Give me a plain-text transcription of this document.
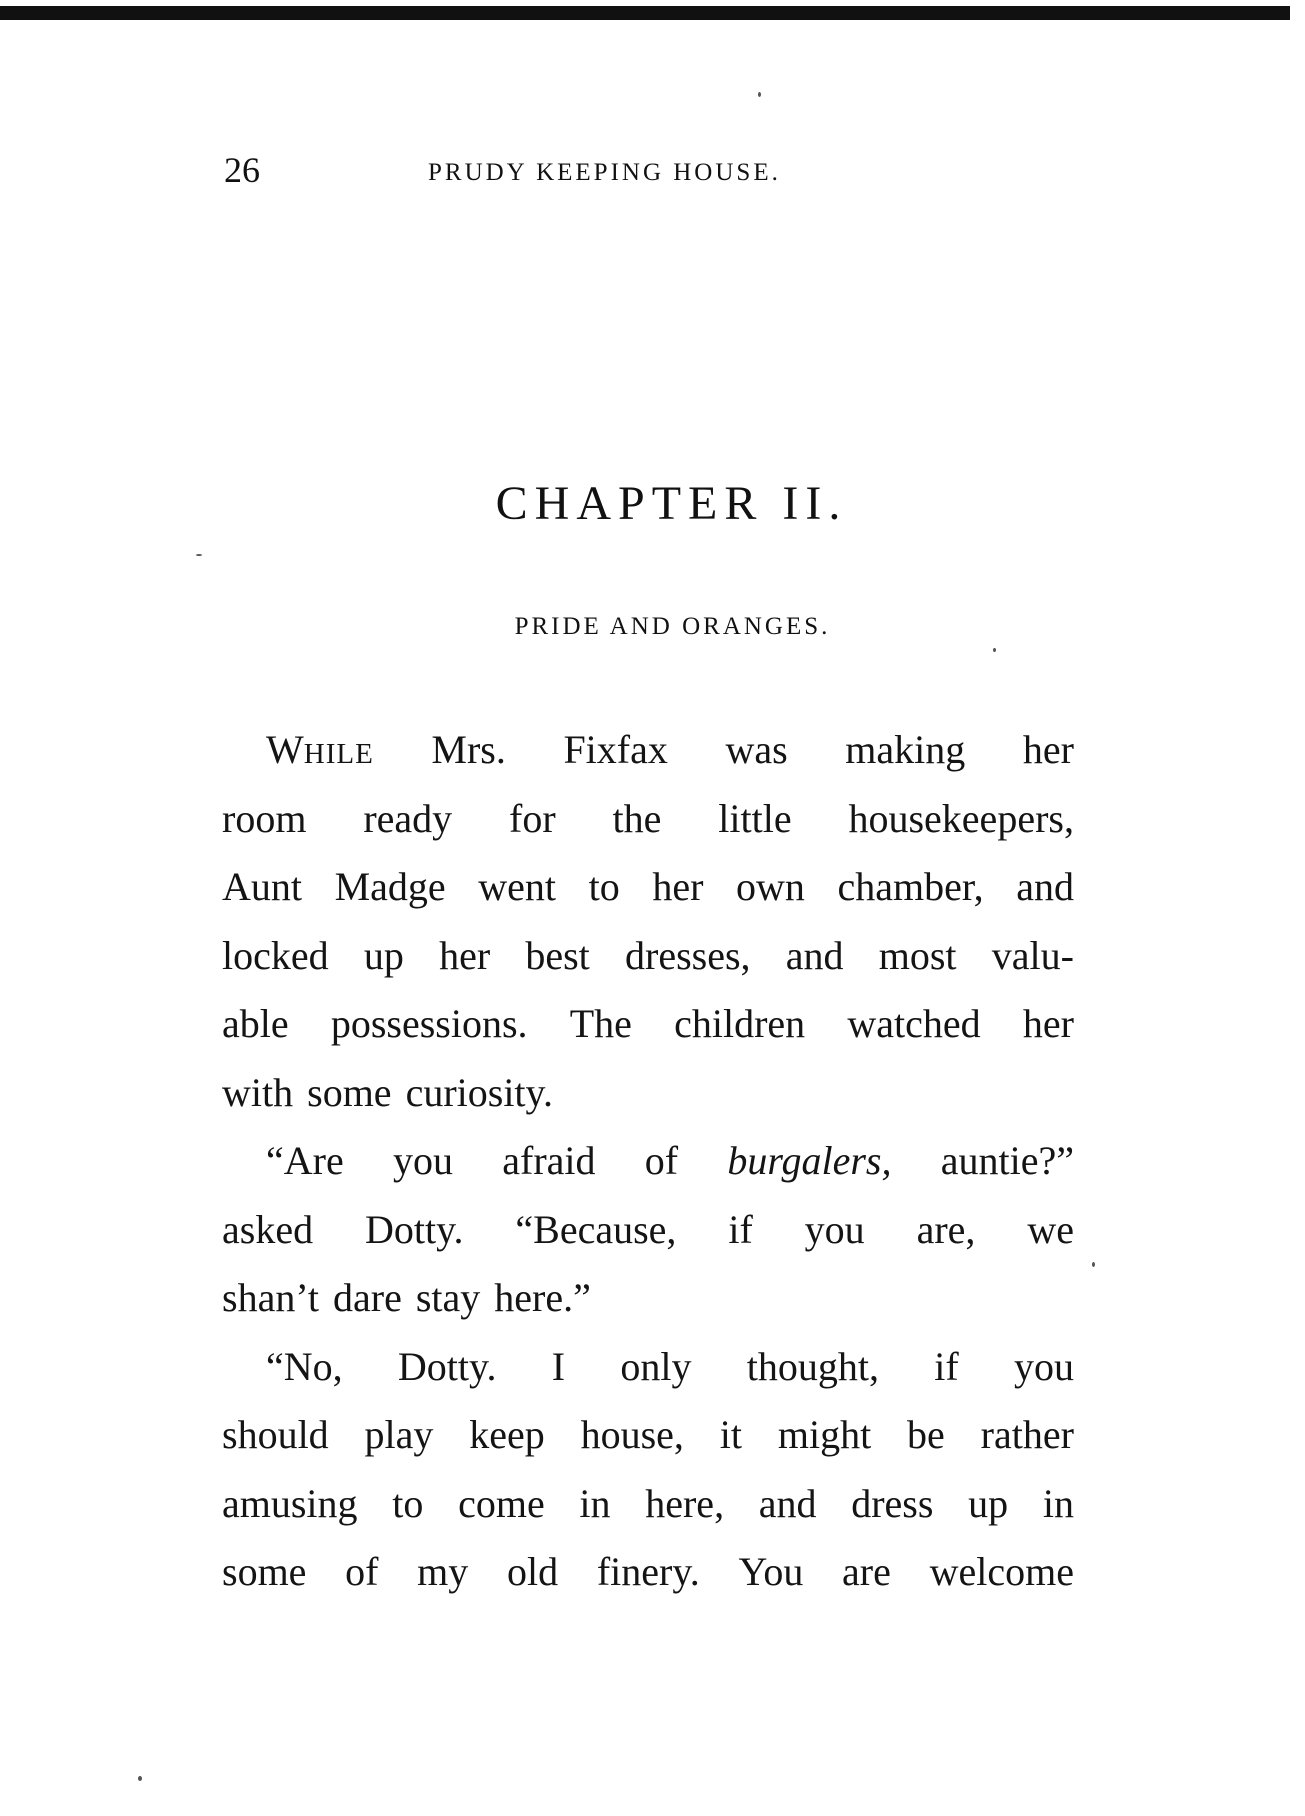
26	PRUDY KEEPING HOUSE.
CHAPTER II.
PRIDE AND ORANGES.
WHILE Mrs. Fixfax was making her
room ready for the little housekeepers,
Aunt Madge went to her own chamber, and
locked up her best dresses, and most valu-
able possessions. The children watched her
with some curiosity.
“Are you afraid of burgalers, auntie?”
asked Dotty. “Because, if you are, we
shan’t dare stay here.”
“No, Dotty. I only thought, if you
should play keep house, it might be rather
amusing to come in here, and dress up in
some of my old finery. You are welcome
